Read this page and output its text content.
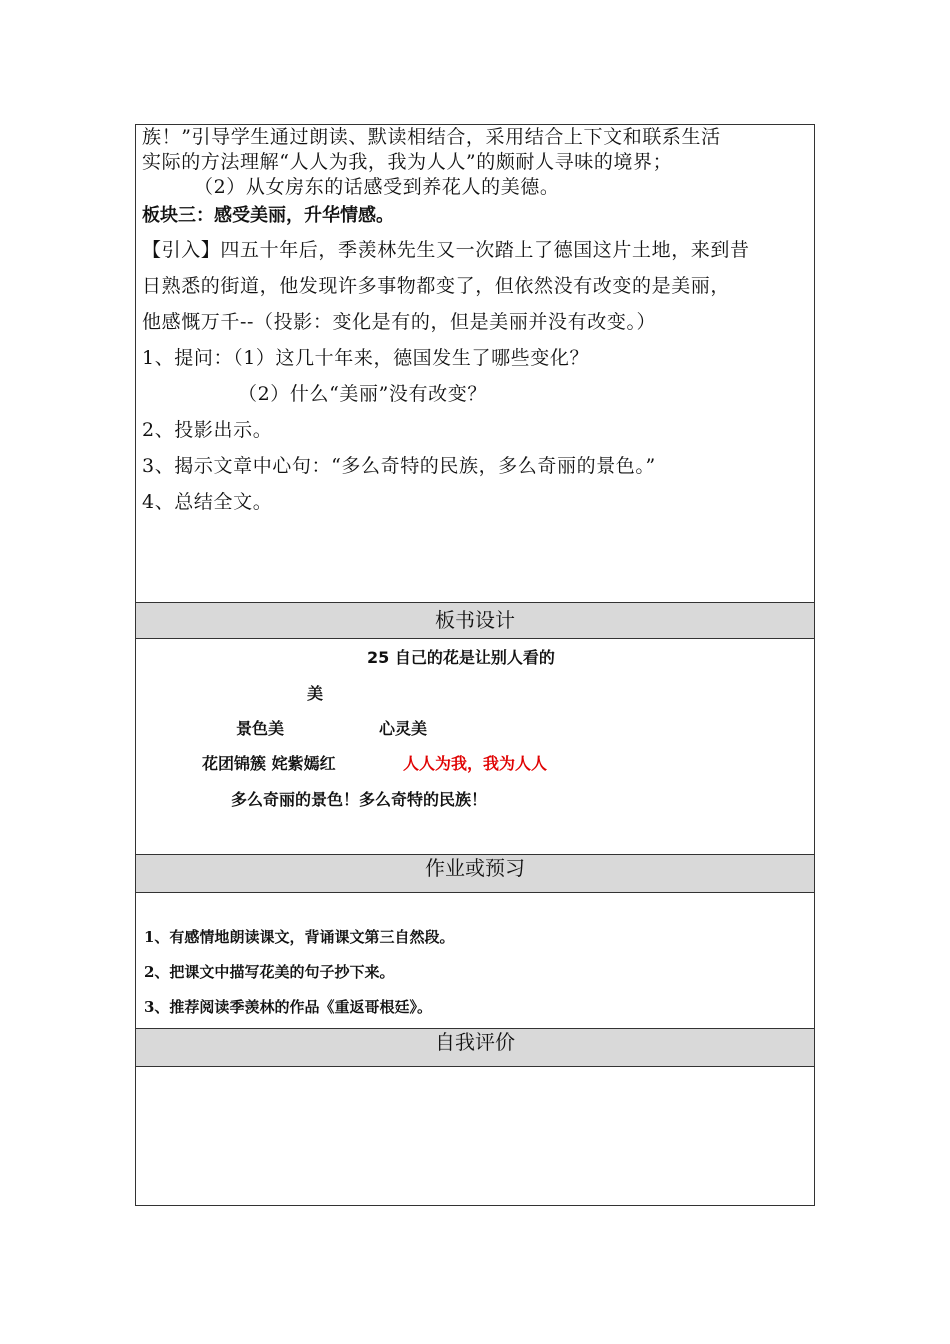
族！”引导学生通过朗读、默读相结合，采用结合上下文和联系生活

实际的方法理解“人人为我，我为人人”的颇耐人寻味的境界；

（2）从女房东的话感受到养花人的美德。

板块三：感受美丽，升华情感。

【引入】四五十年后，季羡林先生又一次踏上了德国这片土地，来到昔

日熟悉的街道，他发现许多事物都变了，但依然没有改变的是美丽，

他感慨万千--（投影：变化是有的，但是美丽并没有改变。）

1、提问：（1）这几十年来，德国发生了哪些变化？

（2）什么“美丽”没有改变？

2、投影出示。

3、揭示文章中心句：“多么奇特的民族，多么奇丽的景色。”

4、总结全文。

板书设计
25 自己的花是让别人看的
美
景色美	心灵美
花团锦簇 姹紫嫣红	人人为我，我为人人
多么奇丽的景色！多么奇特的民族！
作业或预习
1、有感情地朗读课文，背诵课文第三自然段。
2、把课文中描写花美的句子抄下来。
3、推荐阅读季羡林的作品《重返哥根廷》。
自我评价
